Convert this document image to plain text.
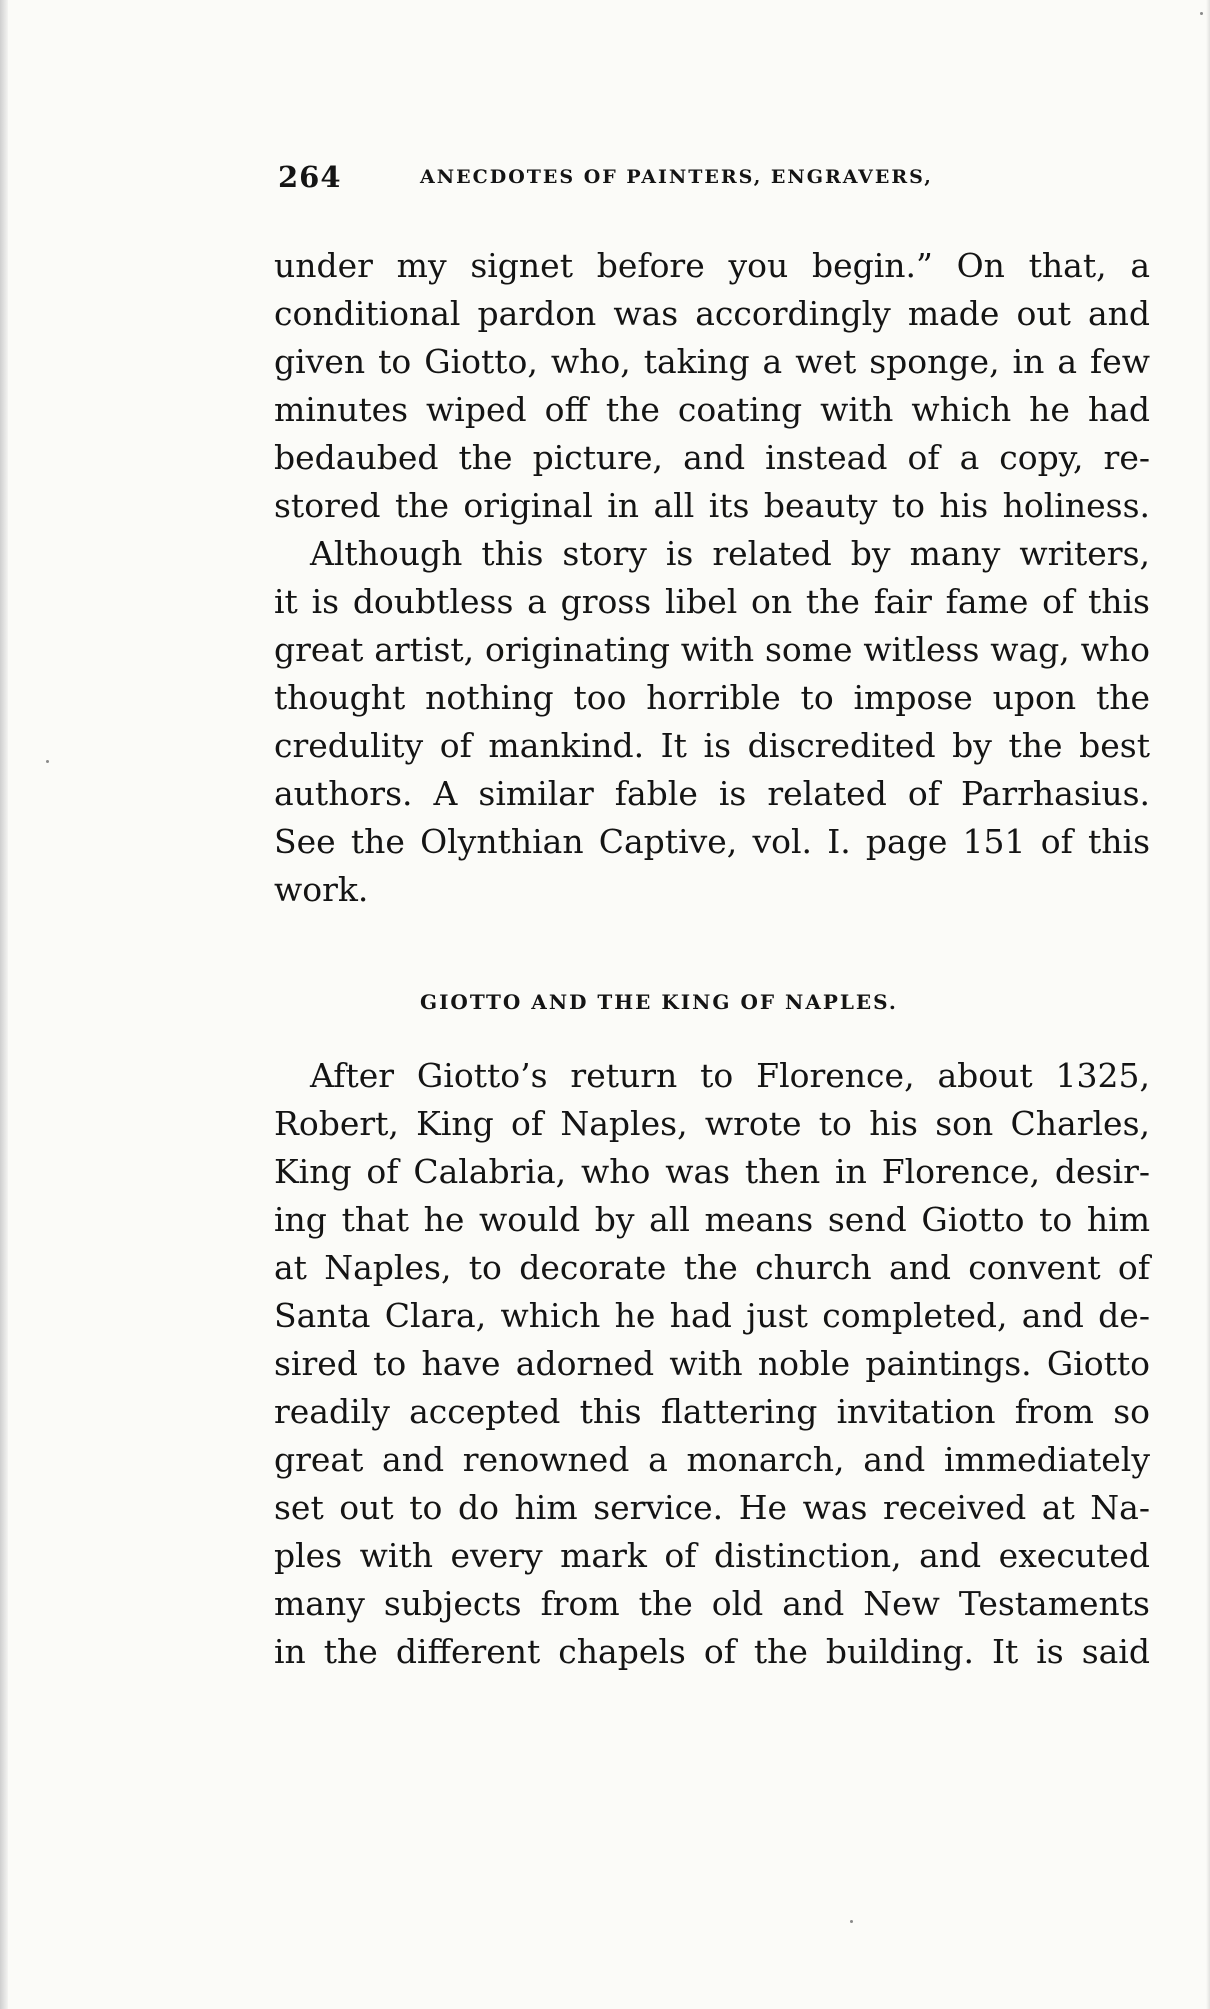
264	ANECDOTES OF PAINTERS, ENGRAVERS,
under my signet before you begin.” On that, a
conditional pardon was accordingly made out and
given to Giotto, who, taking a wet sponge, in a few
minutes wiped off the coating with which he had
bedaubed the picture, and instead of a copy, re-
stored the original in all its beauty to his holiness.
Although this story is related by many writers,
it is doubtless a gross libel on the fair fame of this
great artist, originating with some witless wag, who
thought nothing too horrible to impose upon the
credulity of mankind. It is discredited by the best
authors. A similar fable is related of Parrhasius.
See the Olynthian Captive, vol. I. page 151 of this
work.
GIOTTO AND THE KING OF NAPLES.
After Giotto’s return to Florence, about 1325,
Robert, King of Naples, wrote to his son Charles,
King of Calabria, who was then in Florence, desir-
ing that he would by all means send Giotto to him
at Naples, to decorate the church and convent of
Santa Clara, which he had just completed, and de-
sired to have adorned with noble paintings. Giotto
readily accepted this flattering invitation from so
great and renowned a monarch, and immediately
set out to do him service. He was received at Na-
ples with every mark of distinction, and executed
many subjects from the old and New Testaments
in the different chapels of the building. It is said
